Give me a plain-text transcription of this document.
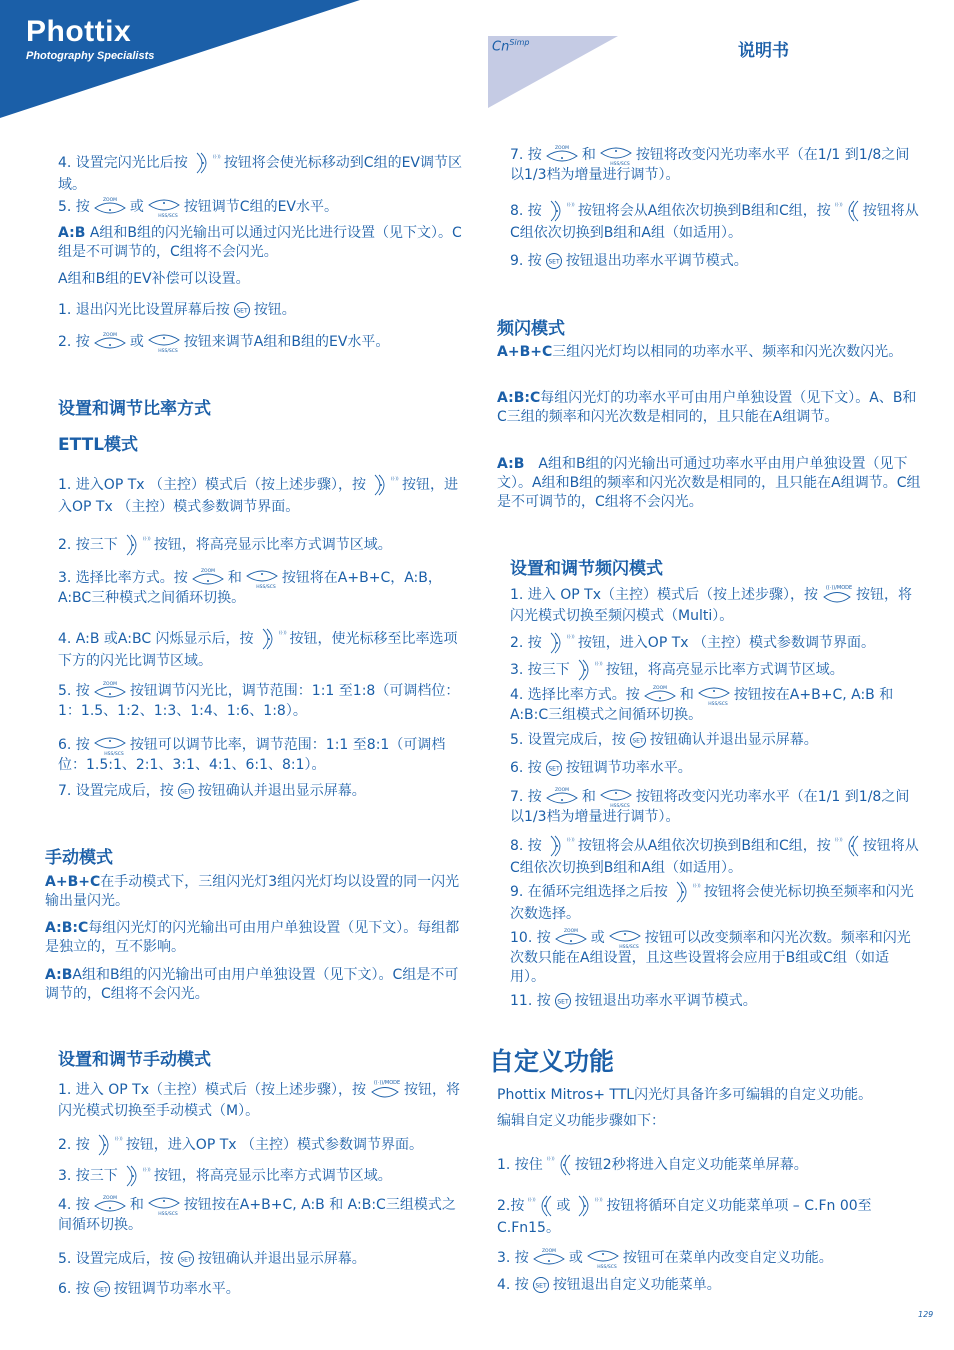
Phottix
Photography Specialists
$Cn^{Simp}$	说明书

4. 设置完闪光比后按	((·)) 按钮将会使光标移动到C组的EV调节区域。

5. 按	ZOOM 或
HSS/SCS
按钮调节C组的EV水平。

A:B A组和B组的闪光输出可以通过闪光比进行设置（见下文）。C组是不可调节的，C组将不会闪光。

A组和B组的EV补偿可以设置。

1. 退出闪光比设置屏幕后按 SET 按钮。

2. 按	ZOOM 或
HSS/SCS
按钮来调节A组和B组的EV水平。

设置和调节比率方式
ETTL模式

1. 进入OP Tx （主控）模式后（按上述步骤），按	((·)) 按钮，进入OP Tx （主控）模式参数调节界面。

2. 按三下	((·)) 按钮，将高亮显示比率方式调节区域。

3. 选择比率方式。按	ZOOM 和
HSS/SCS
按钮将在A+B+C，A:B，A:BC三种模式之间循环切换。

4. A:B 或A:BC 闪烁显示后，按	((·)) 按钮，使光标移至比率选项下方的闪光比调节区域。

5. 按	ZOOM 按钮调节闪光比，调节范围：1:1 至1:8（可调档位：1：1.5、1:2、1:3、1:4、1:6、1:8）。

6. 按
HSS/SCS
按钮可以调节比率，调节范围：1:1 至8:1（可调档位：1.5:1、2:1、3:1、4:1、6:1、8:1）。

7. 设置完成后，按 SET 按钮确认并退出显示屏幕。

手动模式

A+B+C在手动模式下，三组闪光灯3组闪光灯均以设置的同一闪光输出量闪光。

A:B:C每组闪光灯的闪光输出可由用户单独设置（见下文）。每组都是独立的，互不影响。

A:BA组和B组的闪光输出可由用户单独设置（见下文）。C组是不可调节的，C组将不会闪光。

设置和调节手动模式

1. 进入 OP Tx（主控）模式后（按上述步骤），按 ((·))/MODE 按钮，将闪光模式切换至手动模式（M）。

2. 按	((·)) 按钮，进入OP Tx （主控）模式参数调节界面。

3. 按三下	((·)) 按钮，将高亮显示比率方式调节区域。

4. 按	ZOOM 和
HSS/SCS
按钮按在A+B+C, A:B 和 A:B:C三组模式之间循环切换。

5. 设置完成后，按 SET 按钮确认并退出显示屏幕。

6. 按 SET 按钮调节功率水平。

7. 按	ZOOM 和
HSS/SCS
按钮将改变闪光功率水平（在1/1 到1/8之间以1/3档为增量进行调节）。

8. 按	((·)) 按钮将会从A组依次切换到B组和C组，按 ((·)) 按钮将从C组依次切换到B组和A组（如适用）。

9. 按 SET 按钮退出功率水平调节模式。

频闪模式

A+B+C三组闪光灯均以相同的功率水平、频率和闪光次数闪光。

A:B:C每组闪光灯的功率水平可由用户单独设置（见下文）。A、B和C三组的频率和闪光次数是相同的，且只能在A组调节。

A:B　A组和B组的闪光输出可通过功率水平由用户单独设置（见下文）。A组和B组的频率和闪光次数是相同的，且只能在A组调节。C组是不可调节的，C组将不会闪光。

设置和调节频闪模式

1. 进入 OP Tx（主控）模式后（按上述步骤），按 ((·))/MODE 按钮，将闪光模式切换至频闪模式（Multi）。

2. 按	((·)) 按钮，进入OP Tx （主控）模式参数调节界面。

3. 按三下	((·)) 按钮，将高亮显示比率方式调节区域。

4. 选择比率方式。按	ZOOM 和
HSS/SCS
按钮按在A+B+C, A:B 和 A:B:C三组模式之间循环切换。

5. 设置完成后，按 SET 按钮确认并退出显示屏幕。

6. 按 SET 按钮调节功率水平。

7. 按	ZOOM 和
HSS/SCS
按钮将改变闪光功率水平（在1/1 到1/8之间以1/3档为增量进行调节）。

8. 按	((·)) 按钮将会从A组依次切换到B组和C组，按 ((·)) 按钮将从C组依次切换到B组和A组（如适用）。

9. 在循环完组选择之后按	((·)) 按钮将会使光标切换至频率和闪光次数选择。

10. 按	ZOOM 或
HSS/SCS
按钮可以改变频率和闪光次数。频率和闪光次数只能在A组设置，且这些设置将会应用于B组或C组（如适用）。

11. 按 SET 按钮退出功率水平调节模式。

自定义功能

Phottix Mitros+ TTL闪光灯具备许多可编辑的自定义功能。

编辑自定义功能步骤如下：

1. 按住 ((·)) 按钮2秒将进入自定义功能菜单屏幕。

2.按 ((·)) 或	((·)) 按钮将循环自定义功能菜单项 – C.Fn 00至C.Fn15。

3. 按	ZOOM 或
HSS/SCS
按钮可在菜单内改变自定义功能。

4. 按 SET 按钮退出自定义功能菜单。

129
